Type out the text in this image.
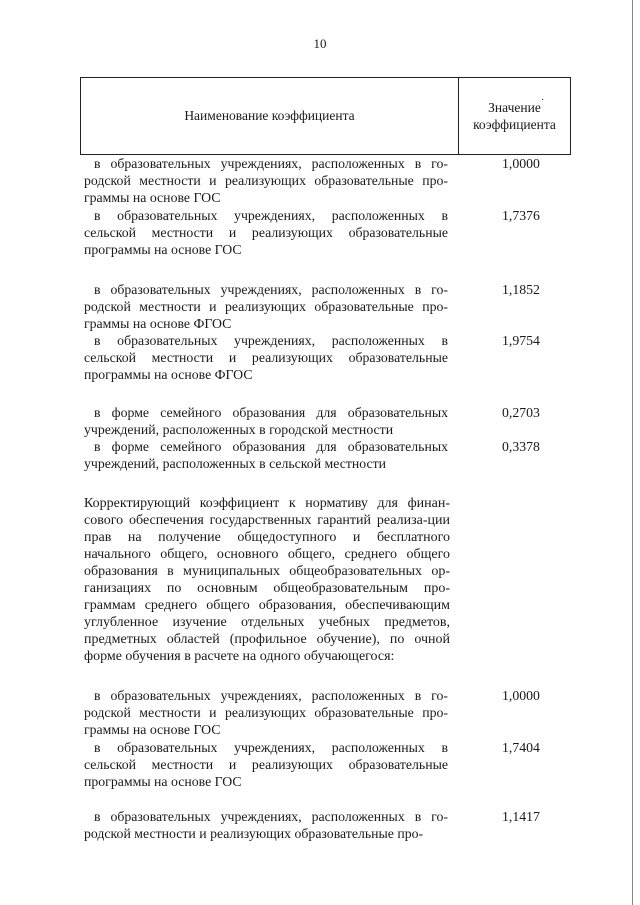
10
Наименование коэффициента
Значение
коэффициента
·
в образовательных учреждениях, расположенных в го-родской местности и реализующих образовательные про-граммы на основе ГОС
1,0000
в образовательных учреждениях, расположенных в сельской местности и реализующих образовательные программы на основе ГОС
1,7376
в образовательных учреждениях, расположенных в го-родской местности и реализующих образовательные про-граммы на основе ФГОС
1,1852
в образовательных учреждениях, расположенных в сельской местности и реализующих образовательные программы на основе ФГОС
1,9754
в форме семейного образования для образовательных учреждений, расположенных в городской местности
0,2703
в форме семейного образования для образовательных учреждений, расположенных в сельской местности
0,3378
Корректирующий коэффициент к нормативу для финан-сового обеспечения государственных гарантий реализа-ции прав на получение общедоступного и бесплатного начального общего, основного общего, среднего общего образования в муниципальных общеобразовательных ор-ганизациях по основным общеобразовательным про-граммам среднего общего образования, обеспечивающим углубленное изучение отдельных учебных предметов, предметных областей (профильное обучение), по очной форме обучения в расчете на одного обучающегося:
в образовательных учреждениях, расположенных в го-родской местности и реализующих образовательные про-граммы на основе ГОС
1,0000
в образовательных учреждениях, расположенных в сельской местности и реализующих образовательные программы на основе ГОС
1,7404
в образовательных учреждениях, расположенных в го-родской местности и реализующих образовательные про-
1,1417
